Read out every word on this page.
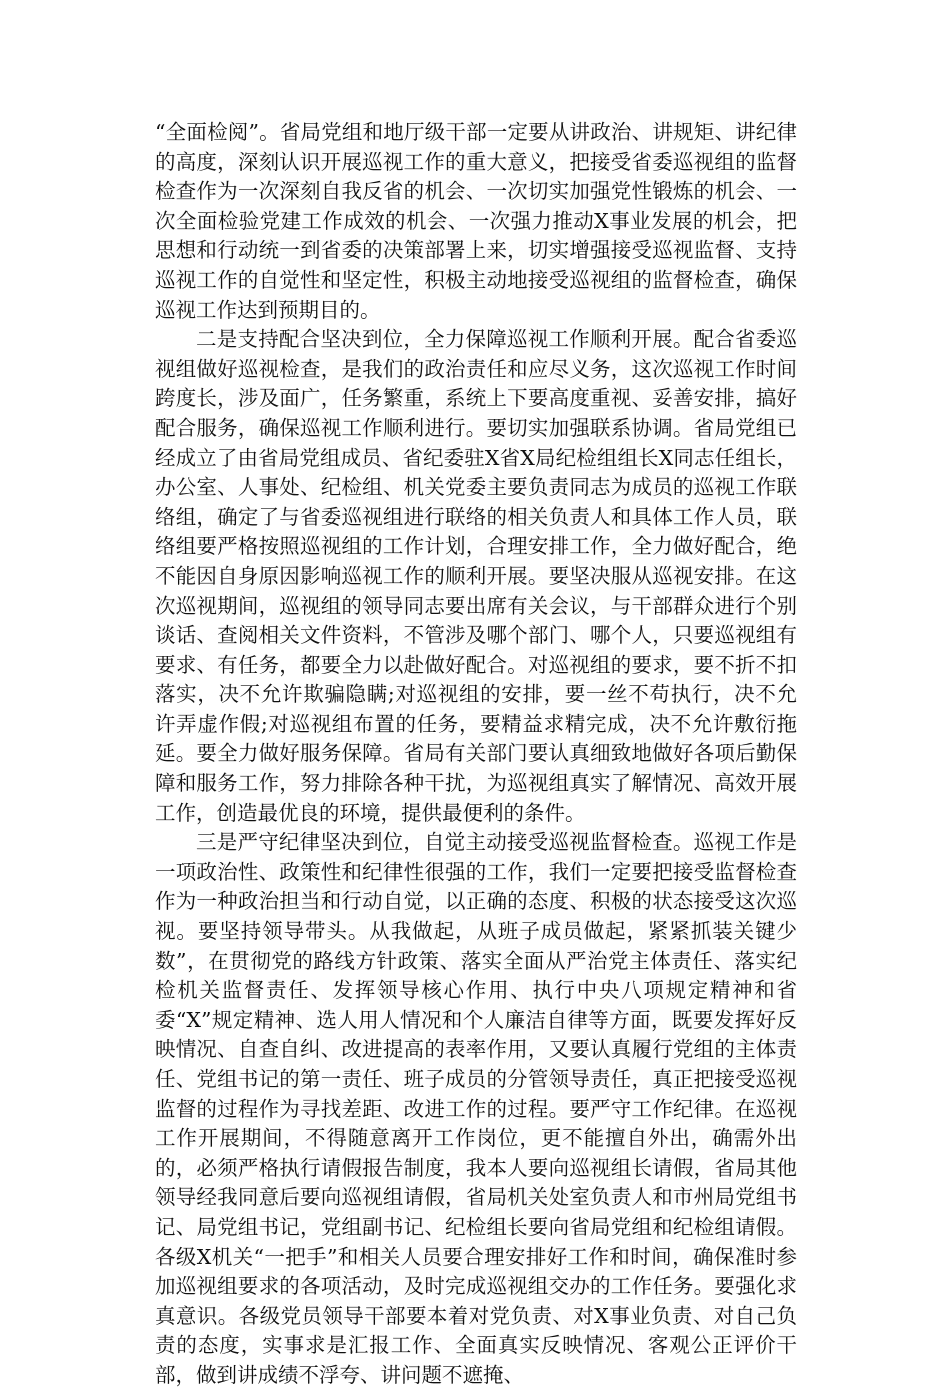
“全面检阅”。省局党组和地厅级干部一定要从讲政治、讲规矩、讲纪律的高度，深刻认识开展巡视工作的重大意义，把接受省委巡视组的监督检查作为一次深刻自我反省的机会、一次切实加强党性锻炼的机会、一次全面检验党建工作成效的机会、一次强力推动X事业发展的机会，把思想和行动统一到省委的决策部署上来，切实增强接受巡视监督、支持巡视工作的自觉性和坚定性，积极主动地接受巡视组的监督检查，确保巡视工作达到预期目的。

二是支持配合坚决到位，全力保障巡视工作顺利开展。配合省委巡视组做好巡视检查，是我们的政治责任和应尽义务，这次巡视工作时间跨度长，涉及面广，任务繁重，系统上下要高度重视、妥善安排，搞好配合服务，确保巡视工作顺利进行。要切实加强联系协调。省局党组已经成立了由省局党组成员、省纪委驻X省X局纪检组组长X同志任组长，办公室、人事处、纪检组、机关党委主要负责同志为成员的巡视工作联络组，确定了与省委巡视组进行联络的相关负责人和具体工作人员，联络组要严格按照巡视组的工作计划，合理安排工作，全力做好配合，绝不能因自身原因影响巡视工作的顺利开展。要坚决服从巡视安排。在这次巡视期间，巡视组的领导同志要出席有关会议，与干部群众进行个别谈话、查阅相关文件资料，不管涉及哪个部门、哪个人，只要巡视组有要求、有任务，都要全力以赴做好配合。对巡视组的要求，要不折不扣落实，决不允许欺骗隐瞒;对巡视组的安排，要一丝不苟执行，决不允许弄虚作假;对巡视组布置的任务，要精益求精完成，决不允许敷衍拖延。要全力做好服务保障。省局有关部门要认真细致地做好各项后勤保障和服务工作，努力排除各种干扰，为巡视组真实了解情况、高效开展工作，创造最优良的环境，提供最便利的条件。

三是严守纪律坚决到位，自觉主动接受巡视监督检查。巡视工作是一项政治性、政策性和纪律性很强的工作，我们一定要把接受监督检查作为一种政治担当和行动自觉，以正确的态度、积极的状态接受这次巡视。要坚持领导带头。从我做起，从班子成员做起，紧紧抓装关键少数”，在贯彻党的路线方针政策、落实全面从严治党主体责任、落实纪检机关监督责任、发挥领导核心作用、执行中央八项规定精神和省委“X”规定精神、选人用人情况和个人廉洁自律等方面，既要发挥好反映情况、自查自纠、改进提高的表率作用，又要认真履行党组的主体责任、党组书记的第一责任、班子成员的分管领导责任，真正把接受巡视监督的过程作为寻找差距、改进工作的过程。要严守工作纪律。在巡视工作开展期间，不得随意离开工作岗位，更不能擅自外出，确需外出的，必须严格执行请假报告制度，我本人要向巡视组长请假，省局其他领导经我同意后要向巡视组请假，省局机关处室负责人和市州局党组书记、局党组书记，党组副书记、纪检组长要向省局党组和纪检组请假。各级X机关“一把手”和相关人员要合理安排好工作和时间，确保准时参加巡视组要求的各项活动，及时完成巡视组交办的工作任务。要强化求真意识。各级党员领导干部要本着对党负责、对X事业负责、对自己负责的态度，实事求是汇报工作、全面真实反映情况、客观公正评价干部，做到讲成绩不浮夸、讲问题不遮掩、
